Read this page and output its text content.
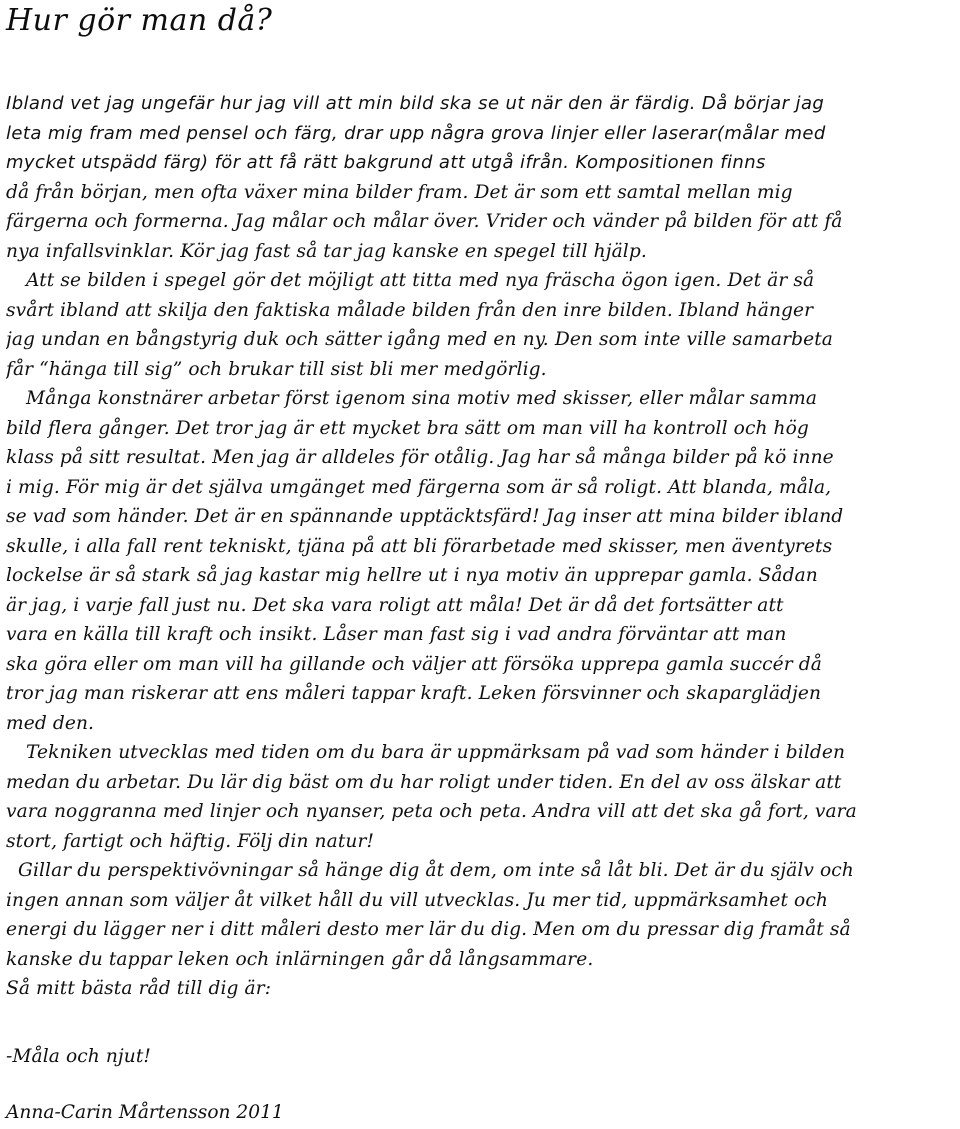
Hur gör man då?
Ibland vet jag ungefär hur jag vill att min bild ska se ut när den är färdig. Då börjar jag
leta mig fram med pensel och färg, drar upp några grova linjer eller laserar(målar med
mycket utspädd färg) för att få rätt bakgrund att utgå ifrån. Kompositionen finns
då från början, men ofta växer mina bilder fram. Det är som ett samtal mellan mig
färgerna och formerna. Jag målar och målar över. Vrider och vänder på bilden för att få
nya infallsvinklar. Kör jag fast så tar jag kanske en spegel till hjälp.
Att se bilden i spegel gör det möjligt att titta med nya fräscha ögon igen. Det är så
svårt ibland att skilja den faktiska målade bilden från den inre bilden. Ibland hänger
jag undan en bångstyrig duk och sätter igång med en ny. Den som inte ville samarbeta
får “hänga till sig” och brukar till sist bli mer medgörlig.
Många konstnärer arbetar först igenom sina motiv med skisser, eller målar samma
bild flera gånger. Det tror jag är ett mycket bra sätt om man vill ha kontroll och hög
klass på sitt resultat. Men jag är alldeles för otålig. Jag har så många bilder på kö inne
i mig. För mig är det själva umgänget med färgerna som är så roligt. Att blanda, måla,
se vad som händer. Det är en spännande upptäcktsfärd! Jag inser att mina bilder ibland
skulle, i alla fall rent tekniskt, tjäna på att bli förarbetade med skisser, men äventyrets
lockelse är så stark så jag kastar mig hellre ut i nya motiv än upprepar gamla. Sådan
är jag, i varje fall just nu. Det ska vara roligt att måla! Det är då det fortsätter att
vara en källa till kraft och insikt. Låser man fast sig i vad andra förväntar att man
ska göra eller om man vill ha gillande och väljer att försöka upprepa gamla succér då
tror jag man riskerar att ens måleri tappar kraft. Leken försvinner och skaparglädjen
med den.
Tekniken utvecklas med tiden om du bara är uppmärksam på vad som händer i bilden
medan du arbetar. Du lär dig bäst om du har roligt under tiden. En del av oss älskar att
vara noggranna med linjer och nyanser, peta och peta. Andra vill att det ska gå fort, vara
stort, fartigt och häftig. Följ din natur!
Gillar du perspektivövningar så hänge dig åt dem, om inte så låt bli. Det är du själv och
ingen annan som väljer åt vilket håll du vill utvecklas. Ju mer tid, uppmärksamhet och
energi du lägger ner i ditt måleri desto mer lär du dig. Men om du pressar dig framåt så
kanske du tappar leken och inlärningen går då långsammare.
Så mitt bästa råd till dig är:
-Måla och njut!
Anna-Carin Mårtensson 2011
